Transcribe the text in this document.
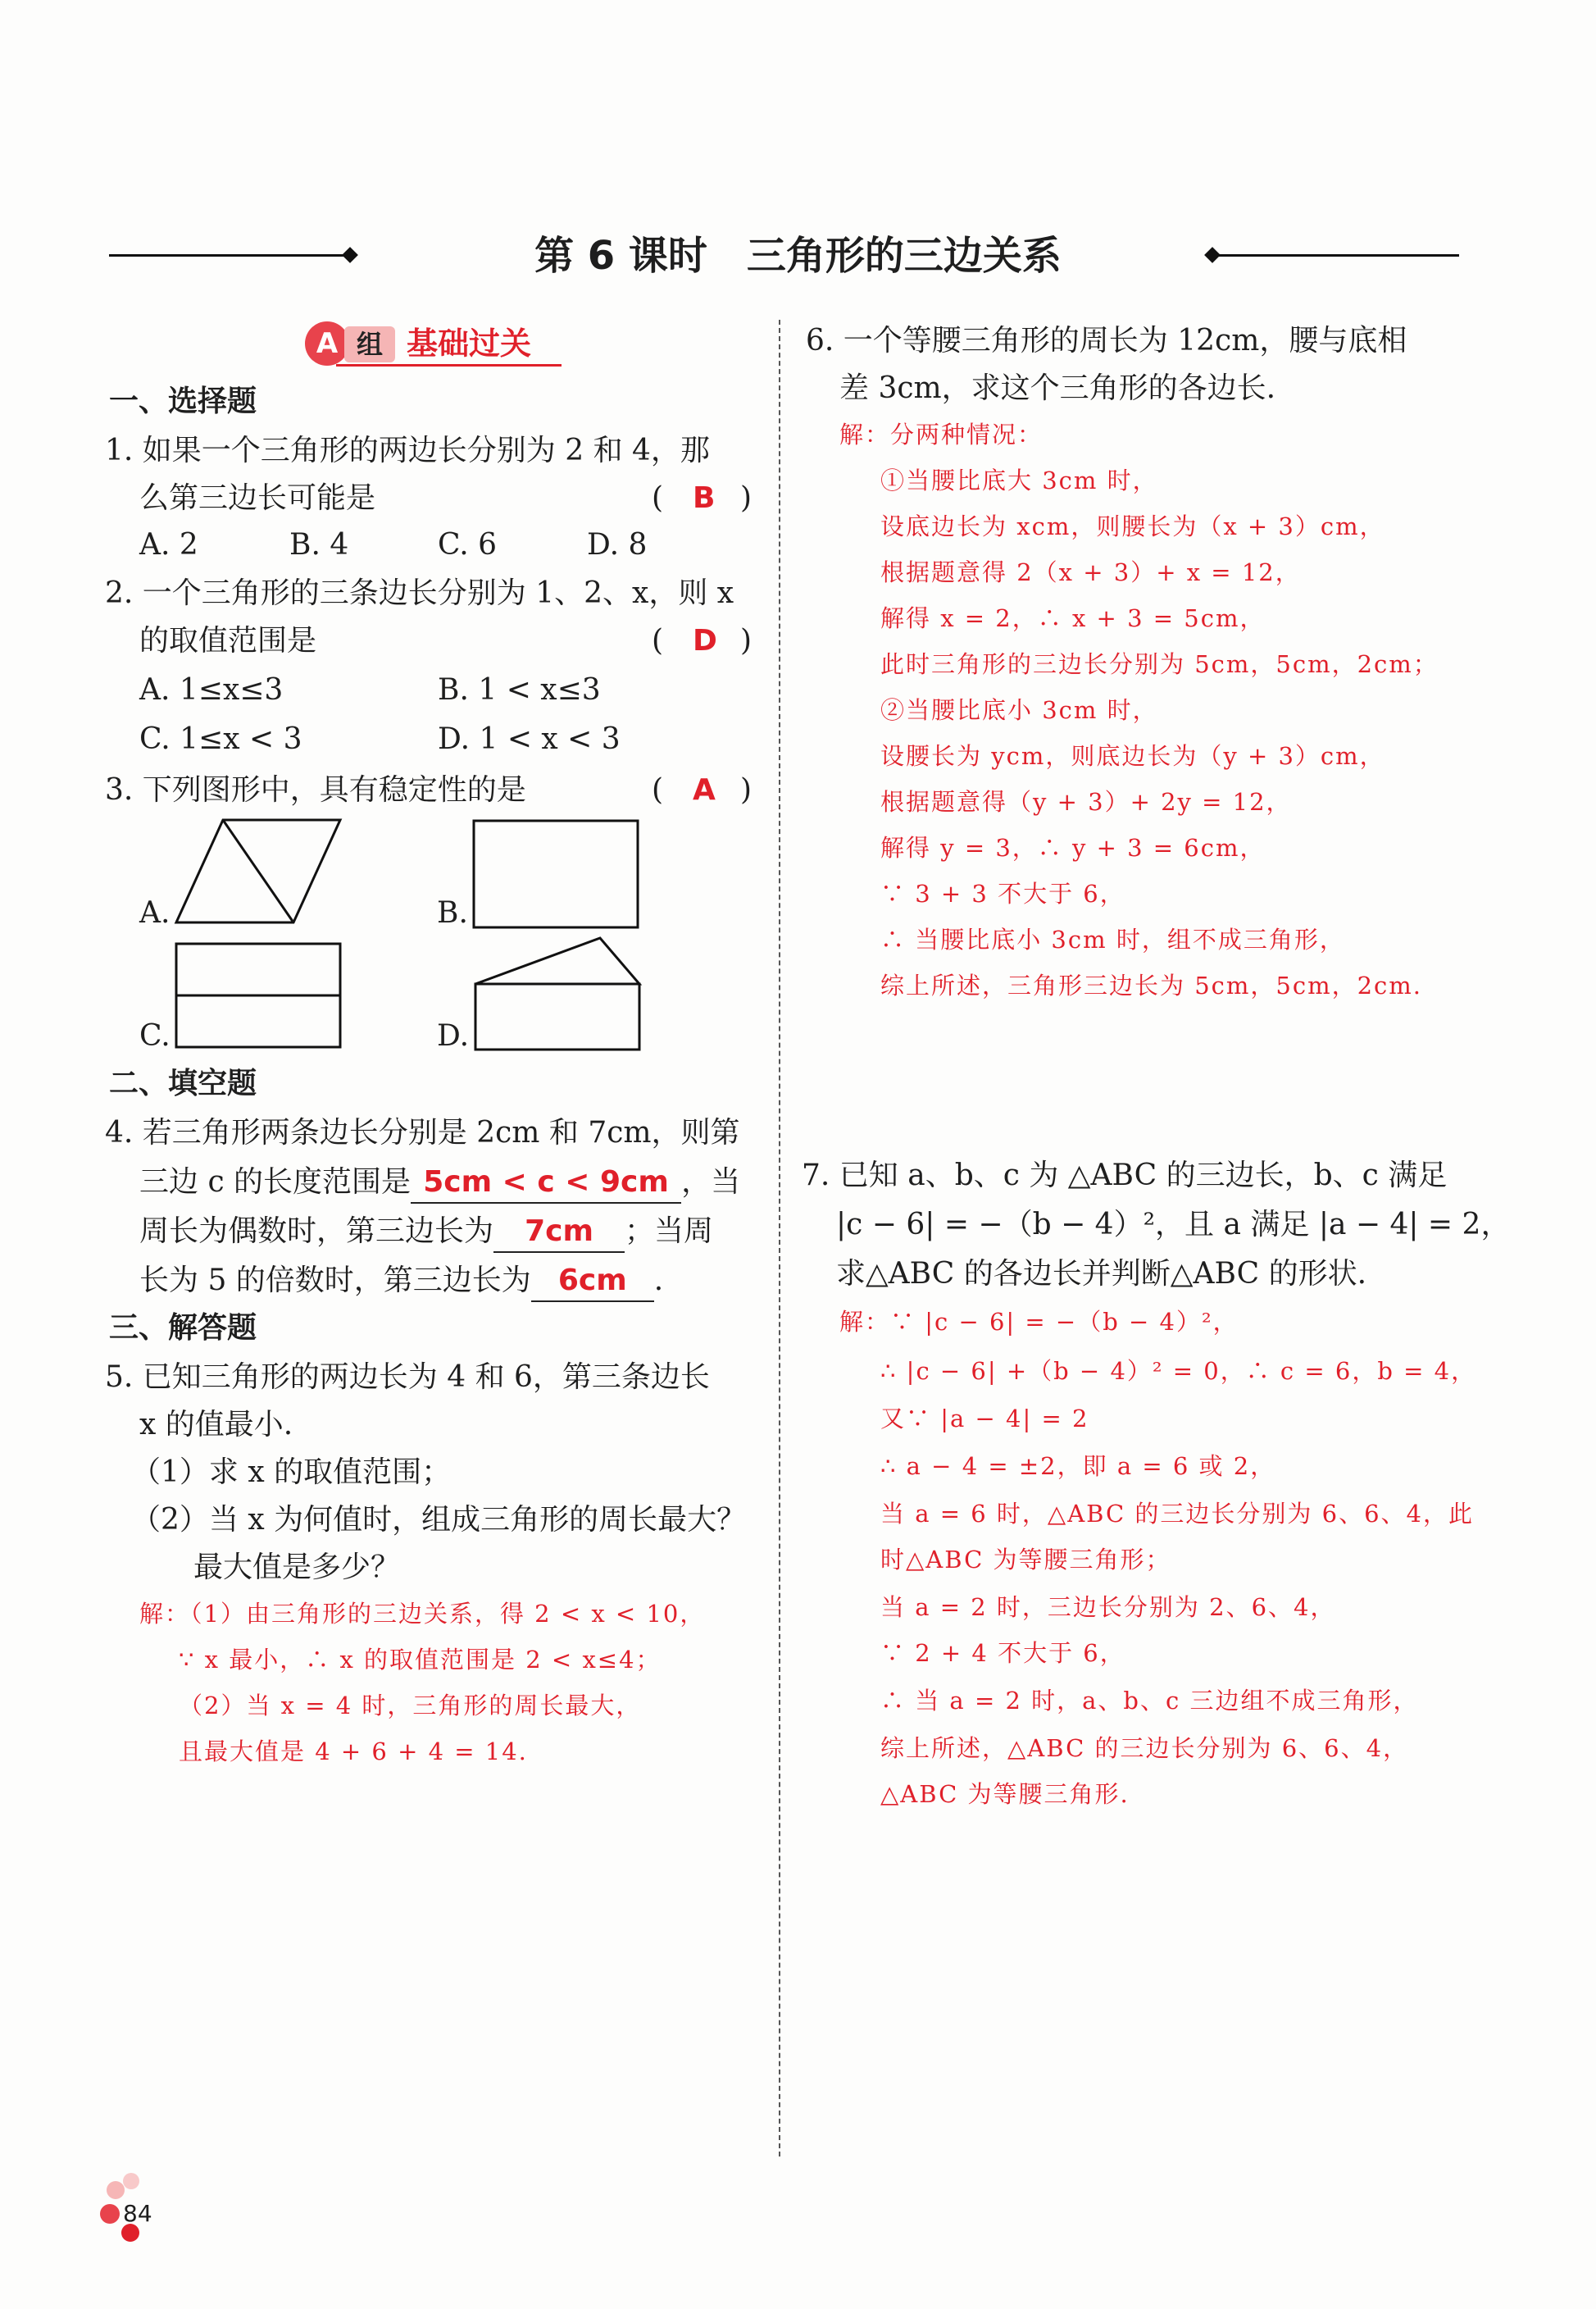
第 6 课时　三角形的三边关系
A 组 基础过关
一、选择题
1. 如果一个三角形的两边长分别为 2 和 4，那
么第三边长可能是	( B )
A. 2	B. 4	C. 6	D. 8
2. 一个三角形的三条边长分别为 1、2、x，则 x
的取值范围是	( D )
A. 1≤x≤3	B. 1 < x≤3
C. 1≤x < 3	D. 1 < x < 3
3. 下列图形中，具有稳定性的是	( A )
A.	B.
C.	D.
二、填空题
4. 若三角形两条边长分别是 2cm 和 7cm，则第
三边 c 的长度范围是 5cm < c < 9cm ，当
周长为偶数时，第三边长为 7cm ；当周
长为 5 的倍数时，第三边长为 6cm .
三、解答题
5. 已知三角形的两边长为 4 和 6，第三条边长
x 的值最小.
（1）求 x 的取值范围；
（2）当 x 为何值时，组成三角形的周长最大？
最大值是多少？
解：（1）由三角形的三边关系，得 2 < x < 10，
∵ x 最小，∴ x 的取值范围是 2 < x≤4；
（2）当 x = 4 时，三角形的周长最大，
且最大值是 4 + 6 + 4 = 14.
6. 一个等腰三角形的周长为 12cm，腰与底相
差 3cm，求这个三角形的各边长.
解：分两种情况：
①当腰比底大 3cm 时，
设底边长为 xcm，则腰长为（x + 3）cm，
根据题意得 2（x + 3）+ x = 12，
解得 x = 2，∴ x + 3 = 5cm，
此时三角形的三边长分别为 5cm，5cm，2cm；
②当腰比底小 3cm 时，
设腰长为 ycm，则底边长为（y + 3）cm，
根据题意得（y + 3）+ 2y = 12，
解得 y = 3，∴ y + 3 = 6cm，
∵ 3 + 3 不大于 6，
∴ 当腰比底小 3cm 时，组不成三角形，
综上所述，三角形三边长为 5cm，5cm，2cm.
7. 已知 a、b、c 为 △ABC 的三边长，b、c 满足
|c − 6| = −（b − 4）²，且 a 满足 |a − 4| = 2，
求△ABC 的各边长并判断△ABC 的形状.
解：∵ |c − 6| = −（b − 4）²，
∴ |c − 6| +（b − 4）² = 0，∴ c = 6，b = 4，
又∵ |a − 4| = 2
∴ a − 4 = ±2，即 a = 6 或 2，
当 a = 6 时，△ABC 的三边长分别为 6、6、4，此
时△ABC 为等腰三角形；
当 a = 2 时，三边长分别为 2、6、4，
∵ 2 + 4 不大于 6，
∴ 当 a = 2 时，a、b、c 三边组不成三角形，
综上所述，△ABC 的三边长分别为 6、6、4，
△ABC 为等腰三角形.
84
